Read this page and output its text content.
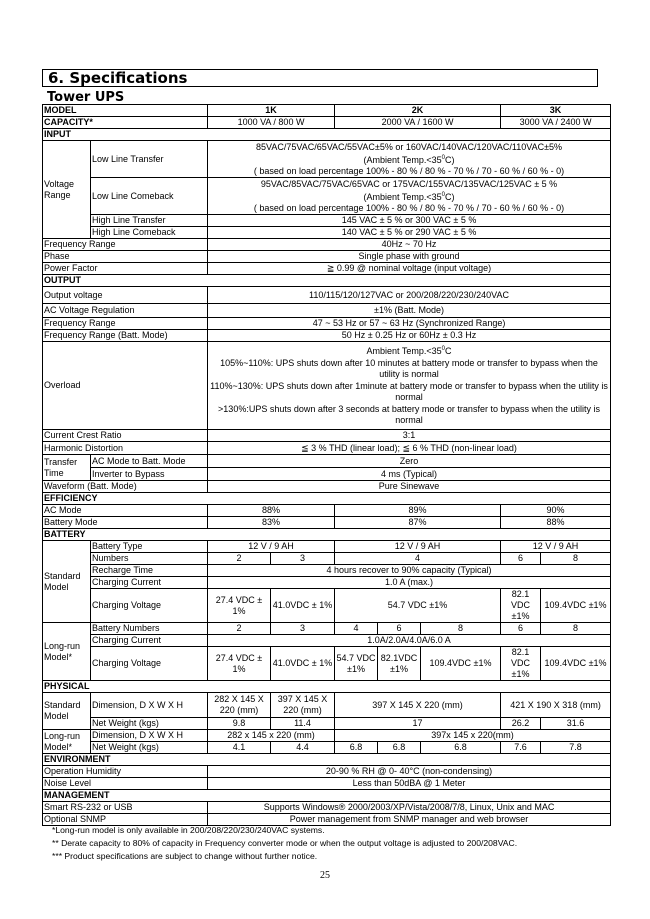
6. Specifications
Tower UPS
MODEL		1K		2K			3K	
CAPACITY*		1000 VA / 800 W		2000 VA / 1600 W			3000 VA / 2400 W	
INPUT								
Voltage Range	Low Line Transfer	85VAC/75VAC/65VAC/55VAC±5% or 160VAC/140VAC/120VAC/110VAC±5%
(Ambient $Temp.<35^0C$)
( based on load percentage 100% - 80 % / 80 % - 70 % / 70 - 60 % / 60 % - 0)						

	Low Line Comeback	95VAC/85VAC/75VAC/65VAC or 175VAC/155VAC/135VAC/125VAC ± 5 %
(Ambient $Temp.<35^0C$)
( based on load percentage 100% - 80 % / 80 % - 70 % / 70 - 60 % / 60 % - 0)						

	High Line Transfer	145 VAC ± 5 % or 300 VAC ± 5 %						
	High Line Comeback	140 VAC ± 5 % or 290 VAC ± 5 %						
Frequency Range		40Hz ~ 70 Hz						
Phase		Single phase with ground						
Power Factor		≧ 0.99 @ nominal voltage (input voltage)						
OUTPUT								
Output voltage		110/115/120/127VAC or 200/208/220/230/240VAC						
AC Voltage Regulation		±1% (Batt. Mode)						
Frequency Range		47 ~ 53 Hz or 57 ~ 63 Hz (Synchronized Range)						
Frequency Range (Batt. Mode)		50 Hz ± 0.25 Hz or 60Hz ± 0.3 Hz						
Overload		Ambient $Temp.<35^0C$
105%~110%: UPS shuts down after 10 minutes at battery mode or transfer to bypass when the utility is normal
110%~130%: UPS shuts down after 1minute at battery mode or transfer to bypass when the utility is normal
>130%:UPS shuts down after 3 seconds at battery mode or transfer to bypass when the utility is normal						

Current Crest Ratio		3:1						
Harmonic Distortion		≦ 3 % THD (linear load); ≦ 6 % THD (non-linear load)						
Transfer Time	AC Mode to Batt. Mode	Zero						
	Inverter to Bypass	4 ms (Typical)						
Waveform (Batt. Mode)		Pure Sinewave						
EFFICIENCY								
AC Mode		88%		89%			90%	
Battery Mode		83%		87%			88%	
BATTERY								
Standard Model	Battery Type	12 V / 9 AH		12 V / 9 AH			12 V / 9 AH	
	Numbers	2	3	4			6	8
	Recharge Time	4 hours recover to 90% capacity (Typical)						
	Charging Current	1.0 A (max.)						
	Charging Voltage	27.4 VDC ± 1%	41.0VDC ± 1%	54.7 VDC ±1%			82.1 VDC ±1%	109.4VDC ±1%
Long-run Model*	Battery Numbers	2	3	4	6	8	6	8
	Charging Current	1.0A/2.0A/4.0A/6.0 A						
	Charging Voltage	27.4 VDC ± 1%	41.0VDC ± 1%	54.7 VDC ±1%	82.1VDC ±1%	109.4VDC ±1%	82.1 VDC ±1%	109.4VDC ±1%
PHYSICAL								
Standard Model	Dimension, D X W X H	282 X 145 X 220 (mm)	397 X 145 X 220 (mm)	397 X 145 X 220 (mm)			421 X 190 X 318 (mm)	
	Net Weight (kgs)	9.8	11.4	17			26.2	31.6
Long-run Model*	Dimension, D X W X H	282 x 145 x 220 (mm)		397x 145 x 220(mm)				
	Net Weight (kgs)	4.1	4.4	6.8	6.8	6.8	7.6	7.8
ENVIRONMENT								
Operation Humidity		20-90 % RH @ 0- 40°C (non-condensing)						
Noise Level		Less than 50dBA @ 1 Meter						
MANAGEMENT								
Smart RS-232 or USB		Supports Windows® 2000/2003/XP/Vista/2008/7/8, Linux, Unix and MAC						
Optional SNMP		Power management from SNMP manager and web browser						
*Long-run model is only available in 200/208/220/230/240VAC systems.
** Derate capacity to 80% of capacity in Frequency converter mode or when the output voltage is adjusted to 200/208VAC.
*** Product specifications are subject to change without further notice.
25
